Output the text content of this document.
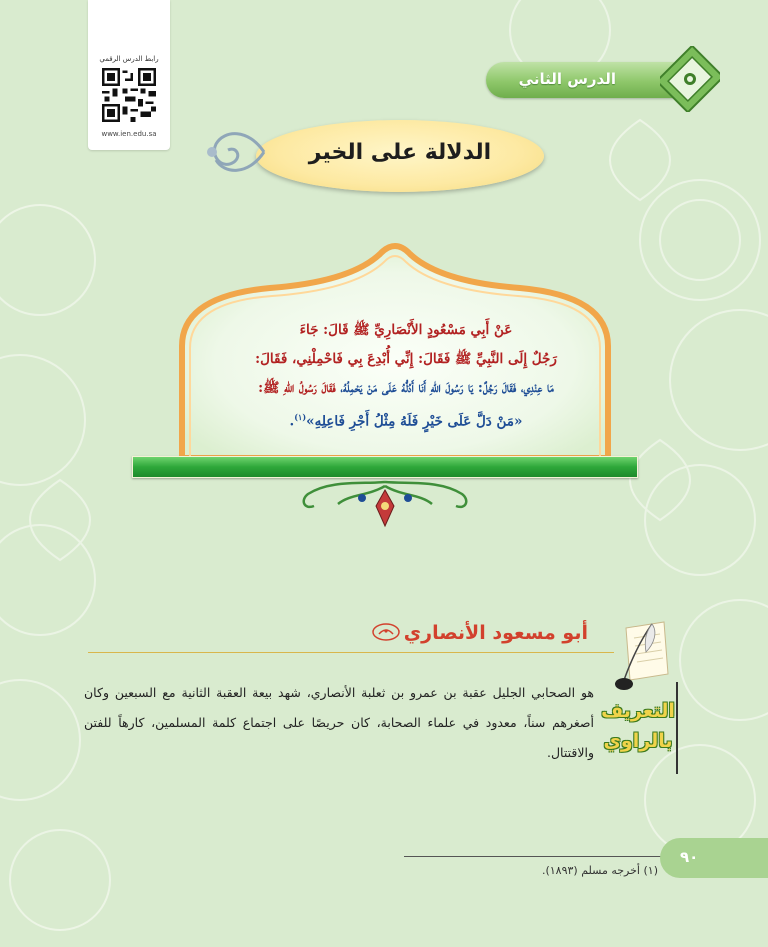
رابط الدرس الرقمي
www.ien.edu.sa
الدرس الثاني
الدلالة على الخير
عَنْ أَبِي مَسْعُودٍ الأَنْصَارِيِّ ﷺ قَالَ: جَاءَ
رَجُلٌ إِلَى النَّبِيِّ ﷺ فَقَالَ: إِنِّي أُبْدِعَ بِي فَاحْمِلْنِي، فَقَالَ:
مَا عِنْدِي، فَقَالَ رَجُلٌ: يَا رَسُولَ اللهِ أَنَا أَدُلُّهُ عَلَى مَنْ يَحْمِلُهُ، فَقَالَ رَسُولُ اللهِ ﷺ:
«مَنْ دَلَّ عَلَى خَيْرٍ فَلَهُ مِثْلُ أَجْرِ فَاعِلِهِ»$^{(١)}$.
أبو مسعود الأنصاري
التعريف
بالراوي
هو الصحابي الجليل عقبة بن عمرو بن ثعلبة الأنصاري، شهد بيعة العقبة الثانية مع السبعين وكان أصغرهم سناً، معدود في علماء الصحابة، كان حريصًا على اجتماع كلمة المسلمين، كارهاً للفتن والاقتتال.
(١) أخرجه مسلم (١٨٩٣).
٩٠
